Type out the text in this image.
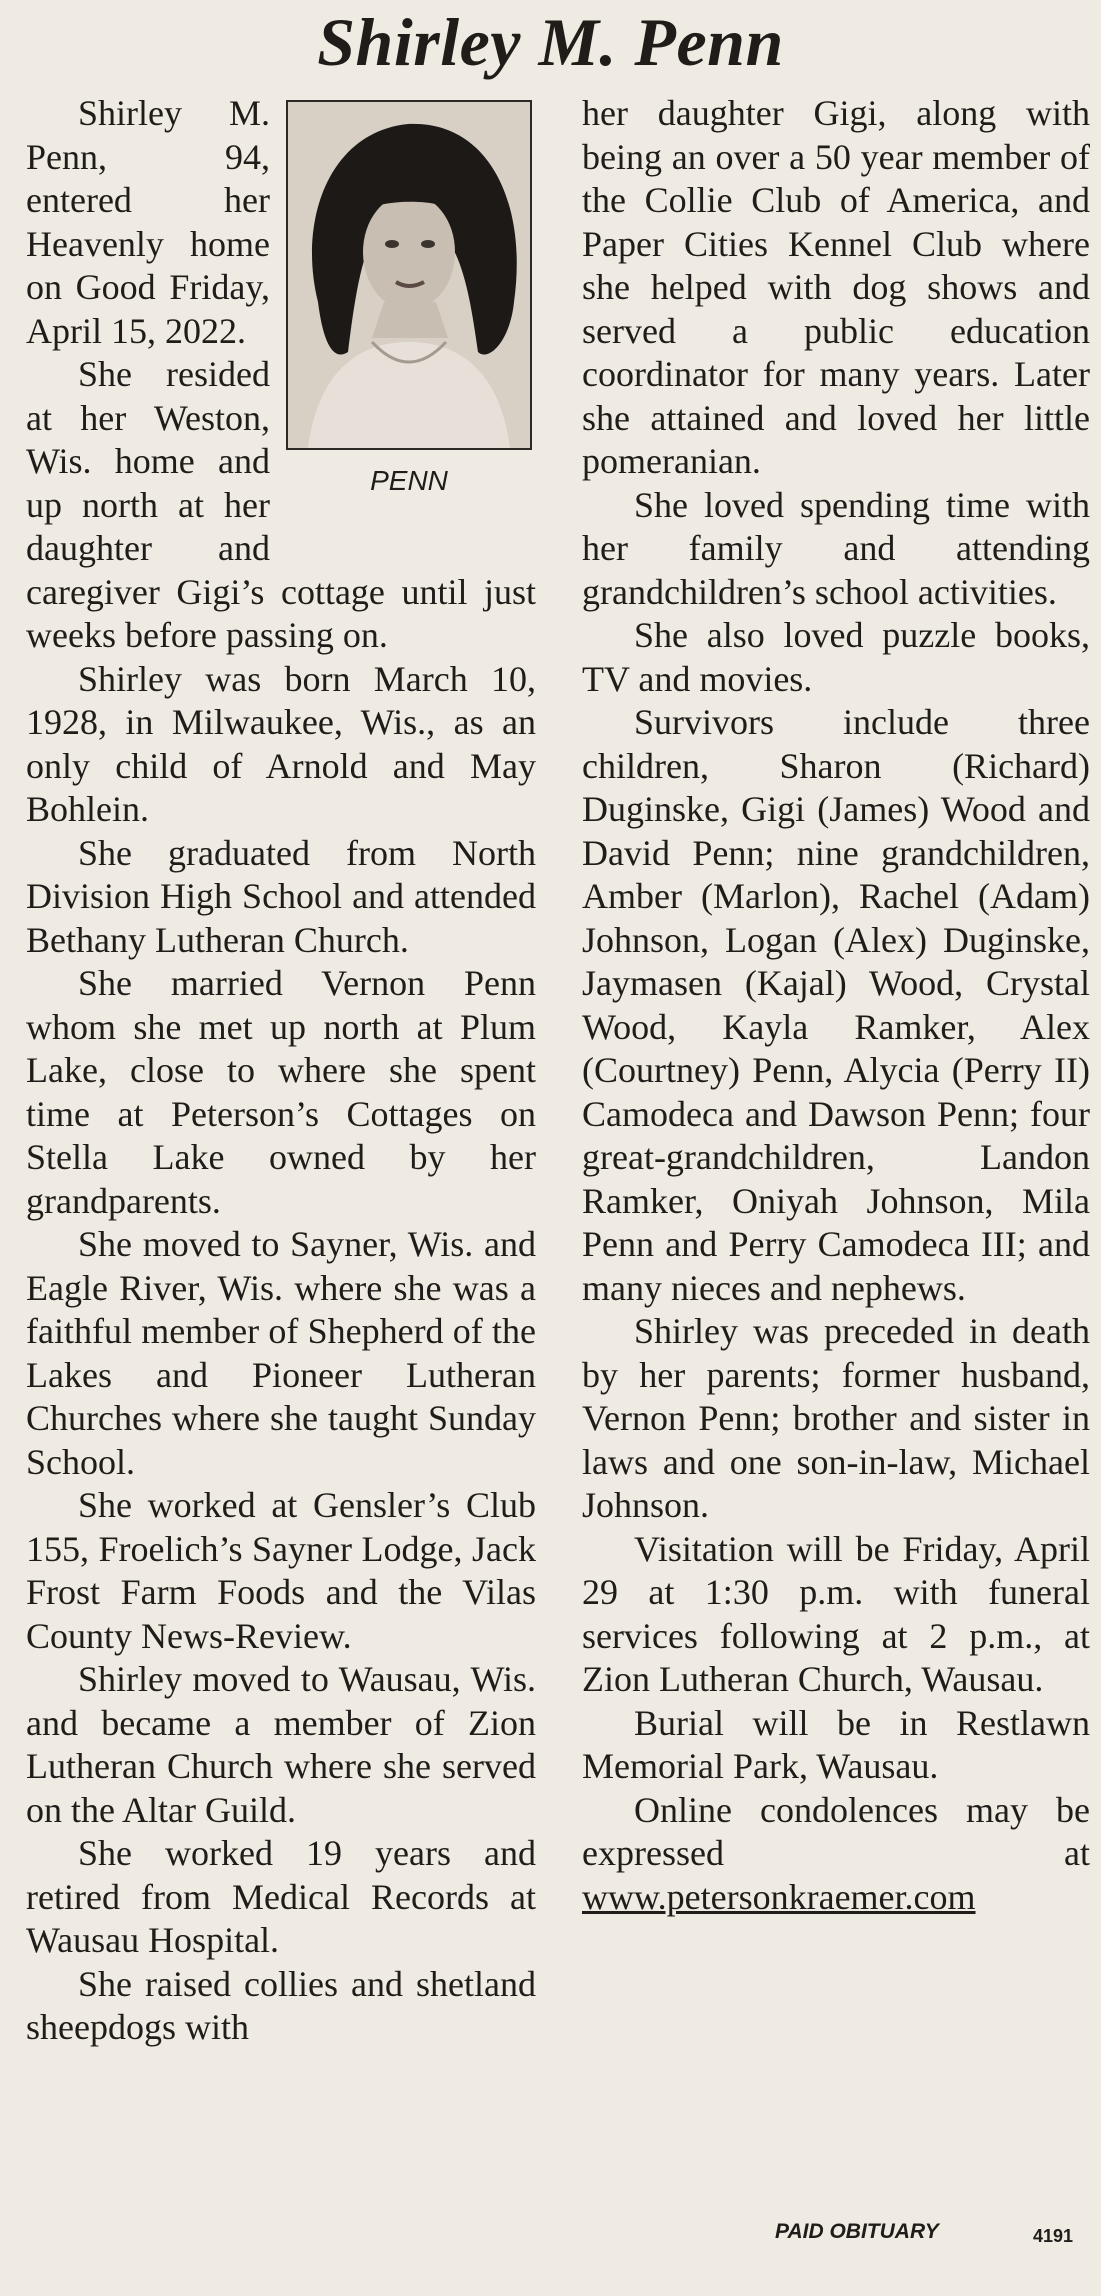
Shirley M. Penn
PENN

Shirley M. Penn, 94, entered her Heavenly home on Good Friday, April 15, 2022.

She resided at her Weston, Wis. home and up north at her daughter and caregiver Gigi’s cottage until just weeks before passing on.

Shirley was born March 10, 1928, in Milwaukee, Wis., as an only child of Arnold and May Bohlein.

She graduated from North Division High School and attended Bethany Lutheran Church.

She married Vernon Penn whom she met up north at Plum Lake, close to where she spent time at Peterson’s Cottages on Stella Lake owned by her grandparents.

She moved to Sayner, Wis. and Eagle River, Wis. where she was a faithful member of Shepherd of the Lakes and Pioneer Lutheran Churches where she taught Sunday School.

She worked at Gensler’s Club 155, Froelich’s Sayner Lodge, Jack Frost Farm Foods and the Vilas County News-Review.

Shirley moved to Wausau, Wis. and became a member of Zion Lutheran Church where she served on the Altar Guild.

She worked 19 years and retired from Medical Records at Wausau Hospital.

She raised collies and shetland sheepdogs with

her daughter Gigi, along with being an over a 50 year member of the Collie Club of America, and Paper Cities Kennel Club where she helped with dog shows and served a public education coordinator for many years. Later she attained and loved her little pomeranian.

She loved spending time with her family and attending grandchildren’s school activities.

She also loved puzzle books, TV and movies.

Survivors include three children, Sharon (Richard) Duginske, Gigi (James) Wood and David Penn; nine grandchildren, Amber (Marlon), Rachel (Adam) Johnson, Logan (Alex) Duginske, Jaymasen (Kajal) Wood, Crystal Wood, Kayla Ramker, Alex (Courtney) Penn, Alycia (Perry II) Camodeca and Dawson Penn; four great-grandchildren, Landon Ramker, Oniyah Johnson, Mila Penn and Perry Camodeca III; and many nieces and nephews.

Shirley was preceded in death by her parents; former husband, Vernon Penn; brother and sister in laws and one son-in-law, Michael Johnson.

Visitation will be Friday, April 29 at 1:30 p.m. with funeral services following at 2 p.m., at Zion Lutheran Church, Wausau.

Burial will be in Restlawn Memorial Park, Wausau.

Online condolences may be expressed at www.petersonkraemer.com

PAID OBITUARY	4191
